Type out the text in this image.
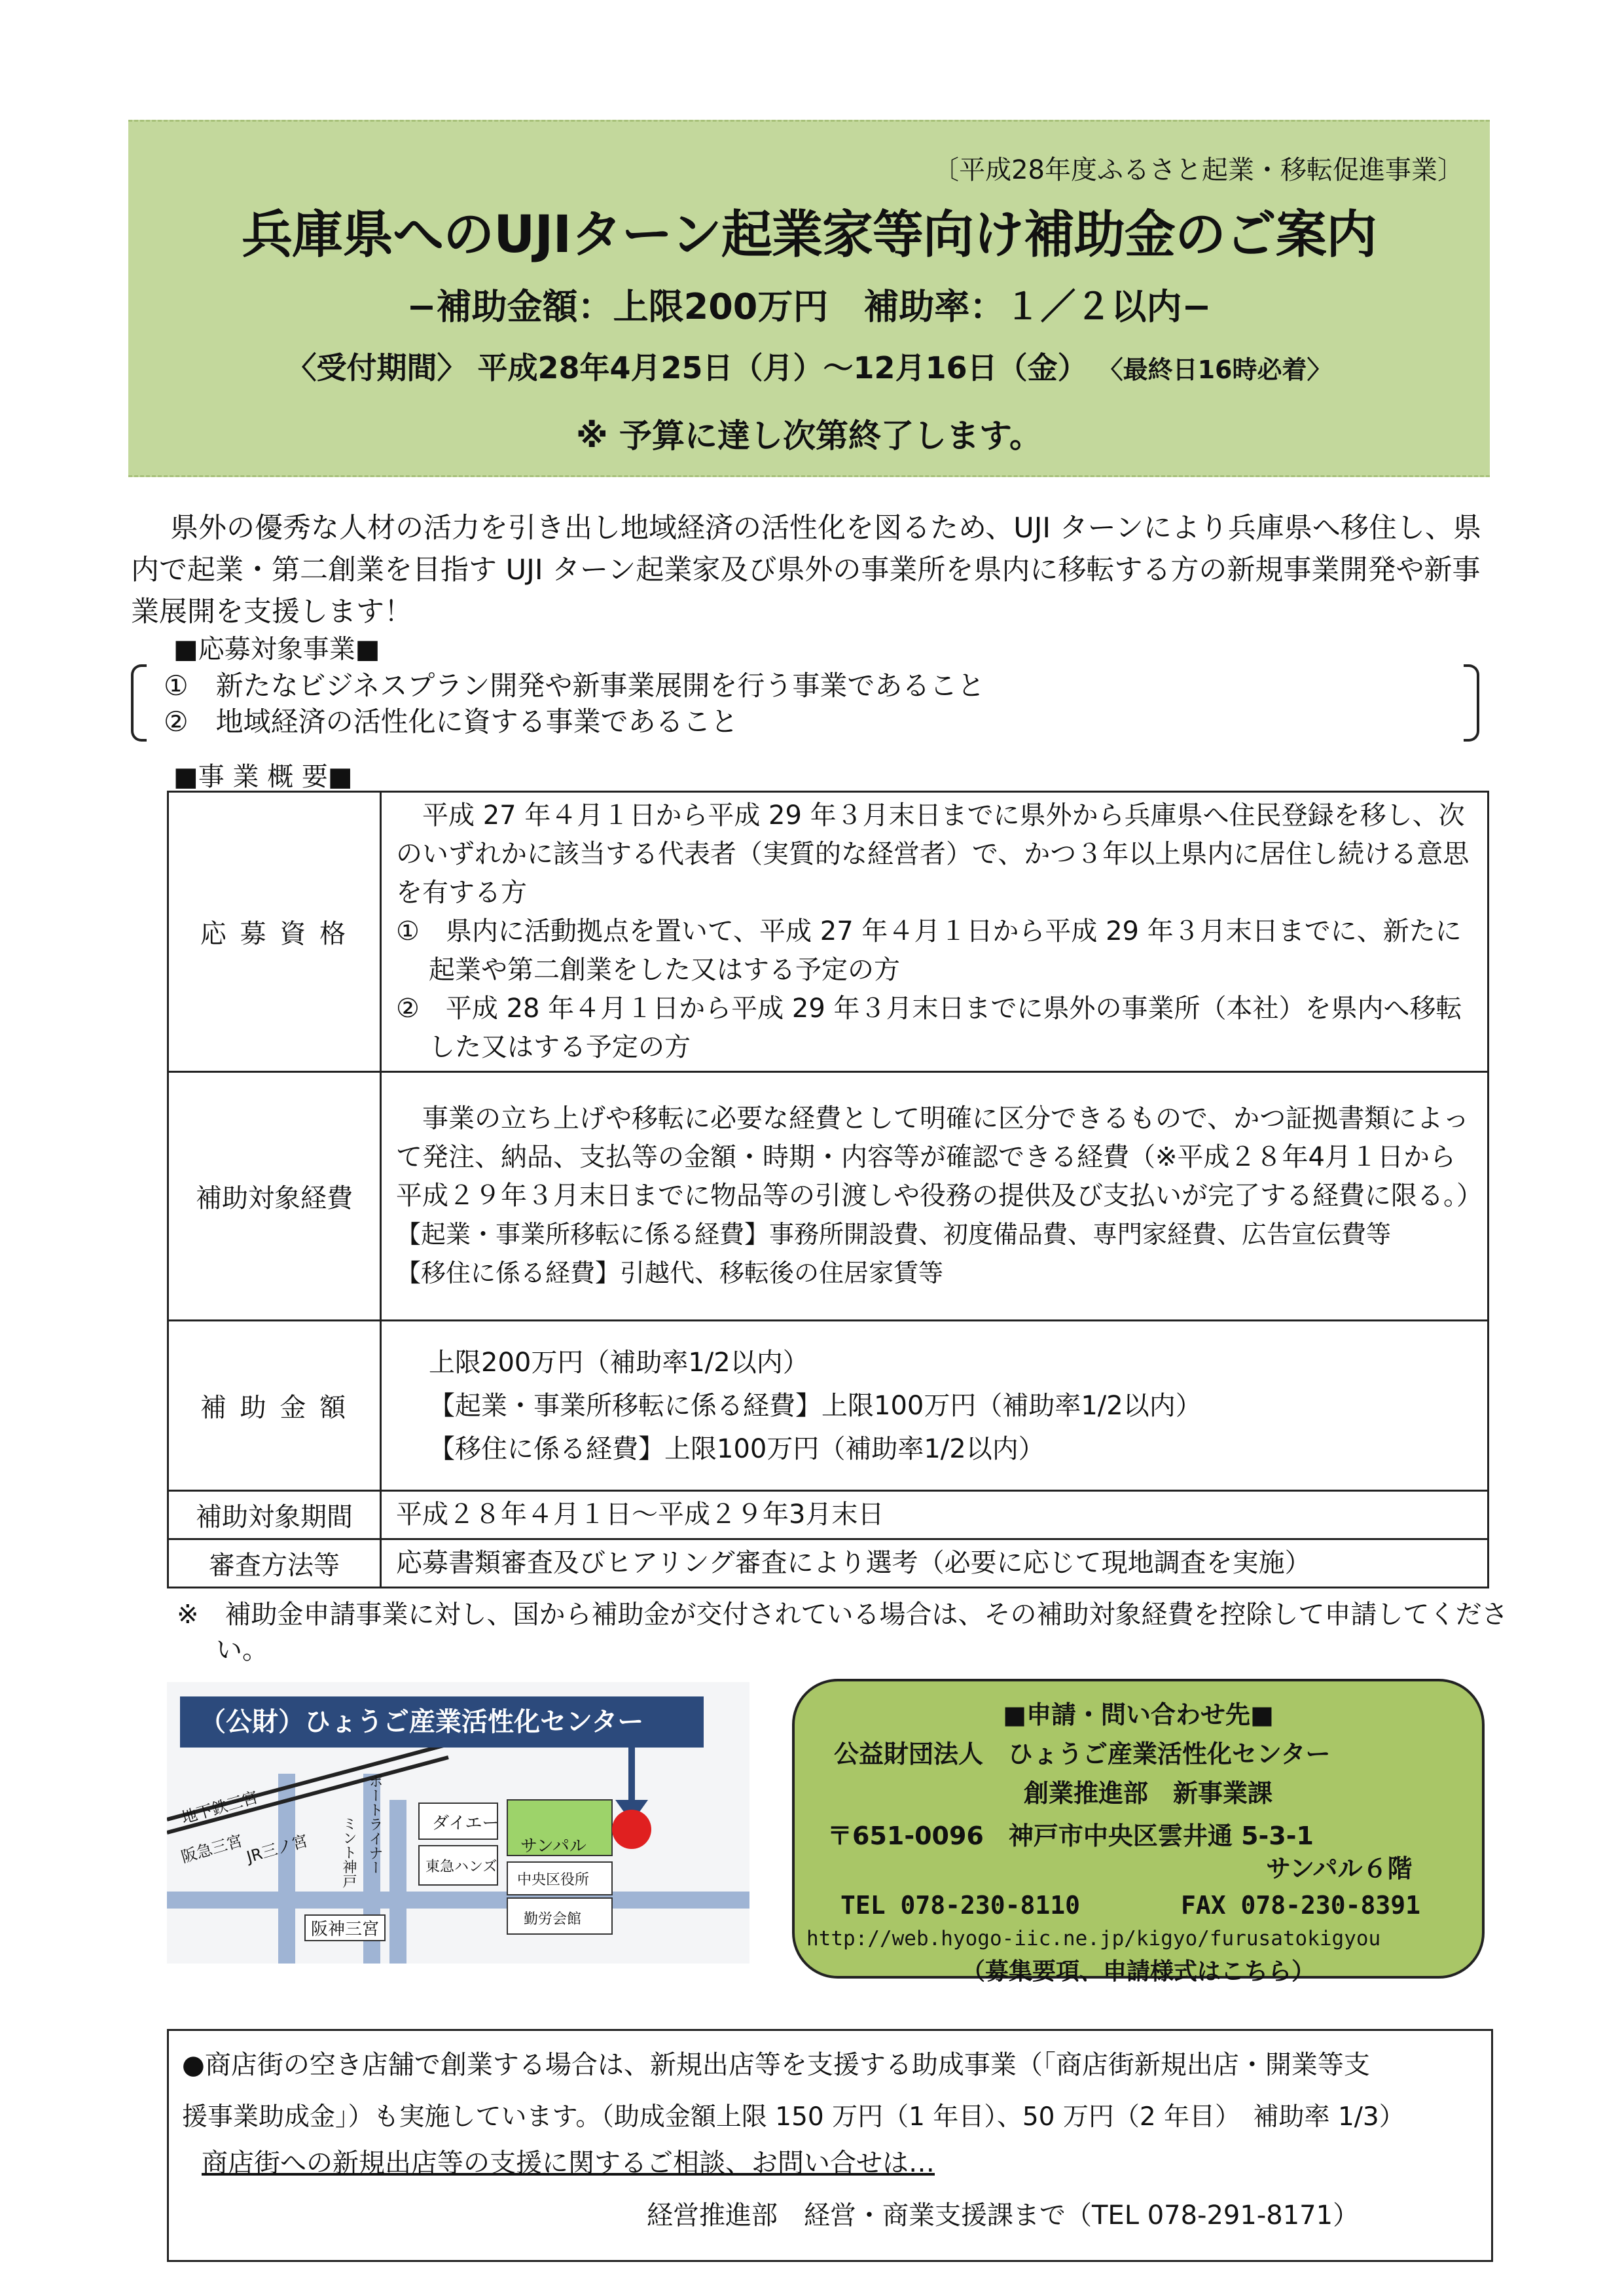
〔平成28年度ふるさと起業・移転促進事業〕
兵庫県へのUJIターン起業家等向け補助金のご案内
−補助金額：上限200万円　補助率：１／２以内−
〈受付期間〉 平成28年4月25日（月）〜12月16日（金） 〈最終日16時必着〉
※ 予算に達し次第終了します。
県外の優秀な人材の活力を引き出し地域経済の活性化を図るため、UJI ターンにより兵庫県へ移住し、県内で起業・第二創業を目指す UJI ターン起業家及び県外の事業所を県内に移転する方の新規事業開発や新事業展開を支援します！
■応募対象事業■
①　新たなビジネスプラン開発や新事業展開を行う事業であること
②　地域経済の活性化に資する事業であること
■事 業 概 要■
応 募 資 格	平成 27 年４月１日から平成 29 年３月末日までに県外から兵庫県へ住民登録を移し、次のいずれかに該当する代表者（実質的な経営者）で、かつ３年以上県内に居住し続ける意思を有する方
①　県内に活動拠点を置いて、平成 27 年４月１日から平成 29 年３月末日までに、新たに起業や第二創業をした又はする予定の方
②　平成 28 年４月１日から平成 29 年３月末日までに県外の事業所（本社）を県内へ移転した又はする予定の方

補助対象経費	事業の立ち上げや移転に必要な経費として明確に区分できるもので、かつ証拠書類によって発注、納品、支払等の金額・時期・内容等が確認できる経費（※平成２８年4月１日から平成２９年３月末日までに物品等の引渡しや役務の提供及び支払いが完了する経費に限る。）
【起業・事業所移転に係る経費】事務所開設費、初度備品費、専門家経費、広告宣伝費等
【移住に係る経費】引越代、移転後の住居家賃等

補 助 金 額	上限200万円（補助率1/2以内）
【起業・事業所移転に係る経費】上限100万円（補助率1/2以内）
【移住に係る経費】上限100万円（補助率1/2以内）

補助対象期間	平成２８年４月１日〜平成２９年3月末日
審査方法等	応募書類審査及びヒアリング審査により選考（必要に応じて現地調査を実施）
※　補助金申請事業に対し、国から補助金が交付されている場合は、その補助対象経費を控除して申請してください。
（公財）ひょうご産業活性化センター
地下鉄三宮
阪急三宮 JR三ノ宮	ポートライナー
ミント神戸	ダイエー
サンパル
東急ハンズ
中央区役所
阪神三宮
勤労会館
■申請・問い合わせ先■
公益財団法人　ひょうご産業活性化センター
創業推進部　新事業課
〒651-0096　神戸市中央区雲井通 5-3-1
サンパル６階
TEL 078-230-8110	FAX 078-230-8391
http://web.hyogo-iic.ne.jp/kigyo/furusatokigyou
（募集要項、申請様式はこちら）
●商店街の空き店舗で創業する場合は、新規出店等を支援する助成事業（「商店街新規出店・開業等支
援事業助成金」）も実施しています。（助成金額上限 150 万円（1 年目）、50 万円（2 年目）　補助率 1/3）
商店街への新規出店等の支援に関するご相談、お問い合せは…
経営推進部　経営・商業支援課まで（TEL 078-291-8171）
